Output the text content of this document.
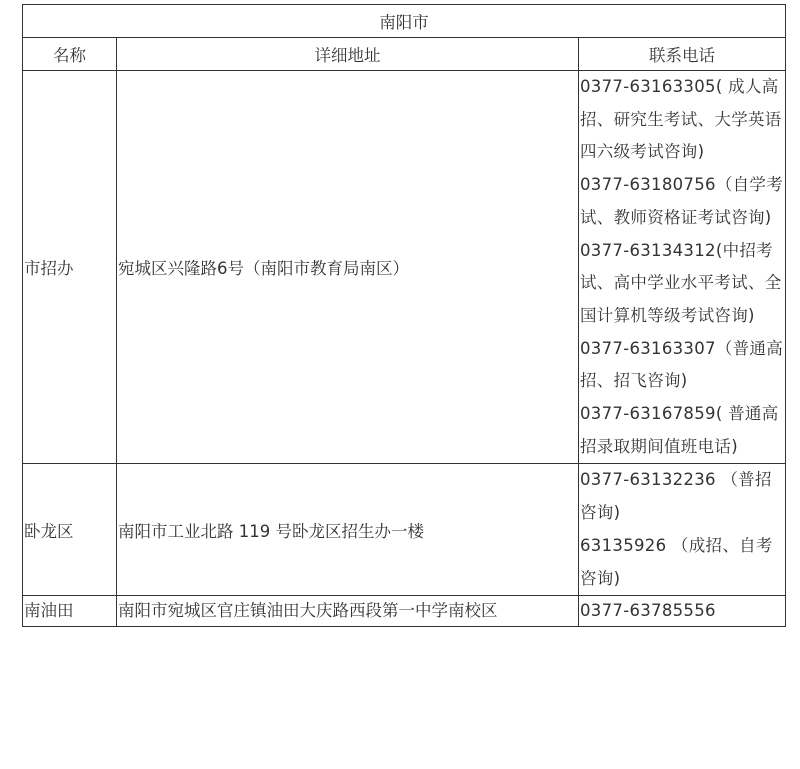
南阳市		
名称	详细地址	联系电话
市招办	宛城区兴隆路6号（南阳市教育局南区）	0377-63163305( 成人高招、研究生考试、大学英语四六级考试咨询)
0377-63180756（自学考试、教师资格证考试咨询)
0377-63134312(中招考试、高中学业水平考试、全国计算机等级考试咨询)
0377-63163307（普通高招、招飞咨询)
0377-63167859( 普通高招录取期间值班电话)

卧龙区	南阳市工业北路 119 号卧龙区招生办一楼	0377-63132236 （普招咨询)
63135926 （成招、自考咨询)

南油田	南阳市宛城区官庄镇油田大庆路西段第一中学南校区	0377-63785556
